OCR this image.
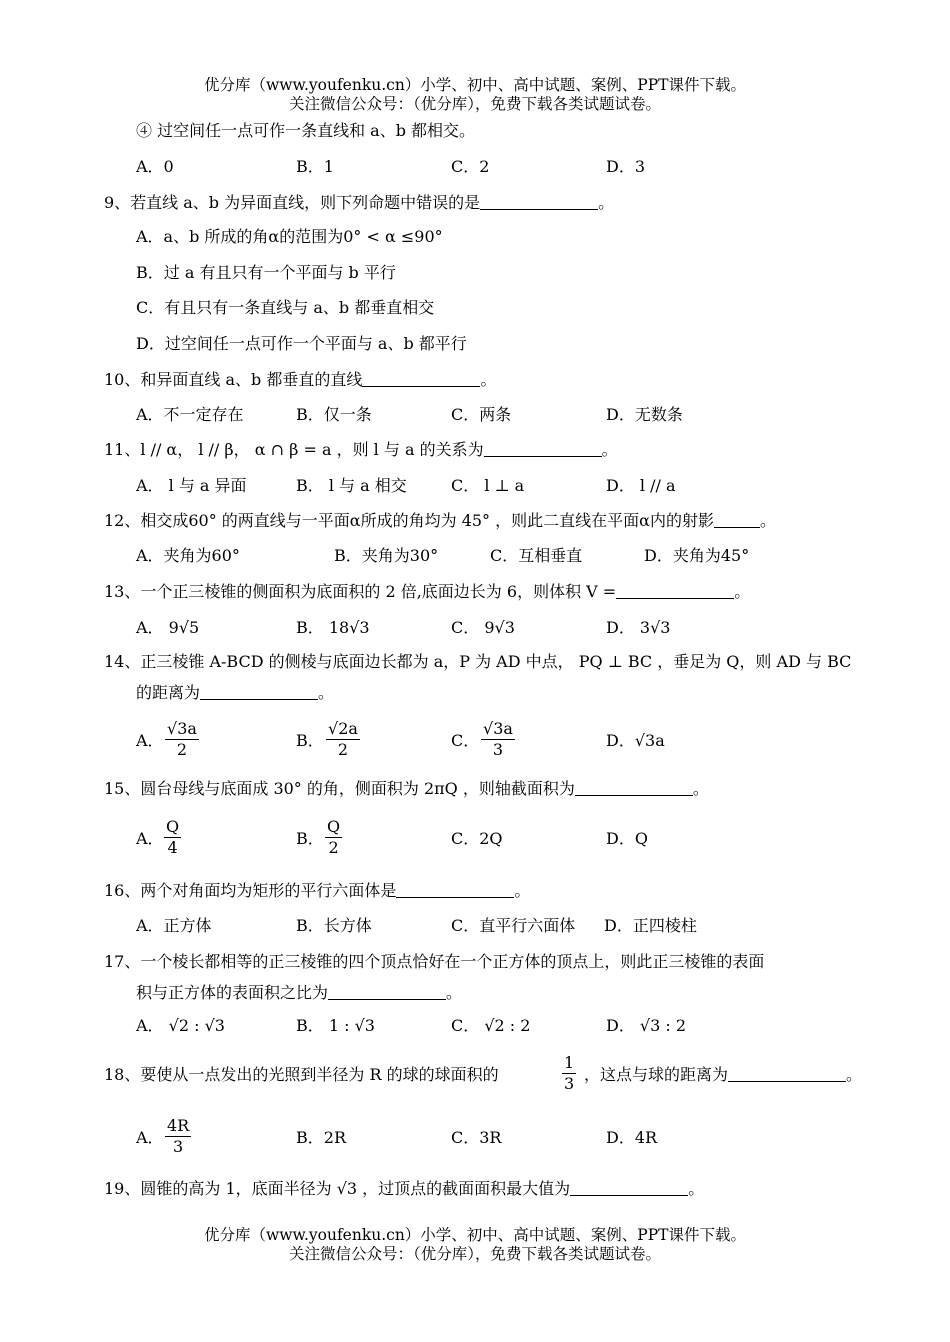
优分库（www.youfenku.cn）小学、初中、高中试题、案例、PPT课件下载。
关注微信公众号：（优分库），免费下载各类试题试卷。
④ 过空间任一点可作一条直线和 a、b 都相交。
A．0	B．1	C．2	D．3
9、若直线 a、b 为异面直线，则下列命题中错误的是	。
A．a、b 所成的角α的范围为0° < α ≤90°
B．过 a 有且只有一个平面与 b 平行
C．有且只有一条直线与 a、b 都垂直相交
D．过空间任一点可作一个平面与 a、b 都平行
10、和异面直线 a、b 都垂直的直线	。
A．不一定存在	B．仅一条	C．两条	D．无数条
11、l // α， l // β， α ∩ β = a ，则 l 与 a 的关系为	。
A． l 与 a 异面	B． l 与 a 相交	C． l ⊥ a	D． l // a
12、相交成60° 的两直线与一平面α所成的角均为 45° ，则此二直线在平面α内的射影	。
A．夹角为60°	B．夹角为30°	C．互相垂直	D．夹角为45°
13、一个正三棱锥的侧面积为底面积的 2 倍,底面边长为 6，则体积 V =	。
A． 9√5	B． 18√3	C． 9√3	D． 3√3
14、正三棱锥 A-BCD 的侧棱与底面边长都为 a，P 为 AD 中点， PQ ⊥ BC ，垂足为 Q，则 AD 与 BC
的距离为	。
A． $\frac{√3a}{2}$	B． $\frac{√2a}{2}$	C． $\frac{√3a}{3}$	D．√3a
15、圆台母线与底面成 30° 的角，侧面积为 2πQ ，则轴截面积为	。
A． $\frac{Q}{4}$	B． $\frac{Q}{2}$	C．2Q	D．Q
16、两个对角面均为矩形的平行六面体是	。
A．正方体	B．长方体	C．直平行六面体 D．正四棱柱
17、一个棱长都相等的正三棱锥的四个顶点恰好在一个正方体的顶点上，则此正三棱锥的表面
积与正方体的表面积之比为	。
A． √2 : √3	B． 1 : √3	C． √2 : 2	D． √3 : 2
18、要使从一点发出的光照到半径为 R 的球的球面积的	$\frac{1}{3}$ ，这点与球的距离为	。
A． $\frac{4R}{3}$	B．2R	C．3R	D．4R
19、圆锥的高为 1，底面半径为 √3 ，过顶点的截面面积最大值为	。
优分库（www.youfenku.cn）小学、初中、高中试题、案例、PPT课件下载。
关注微信公众号：（优分库），免费下载各类试题试卷。
